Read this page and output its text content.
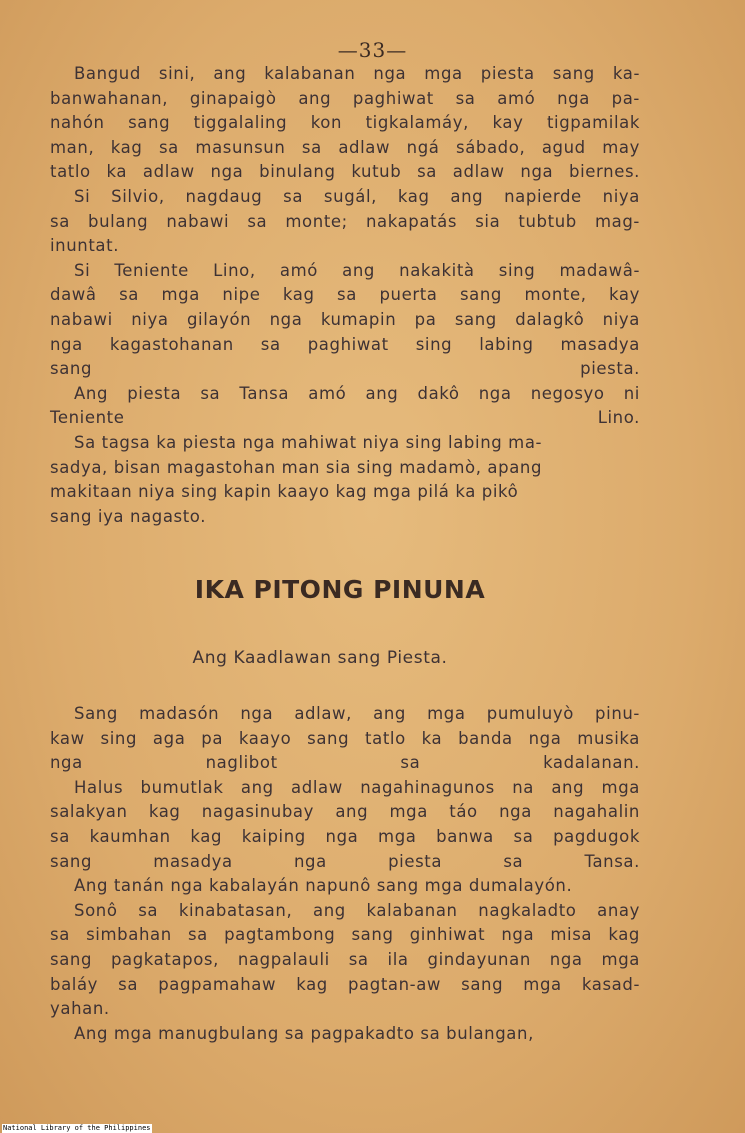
—33—

Bangud sini, ang kalabanan nga mga piesta sang ka‑
banwahanan, ginapaigò ang paghiwat sa amó nga pa‑
nahón sang tiggalaling kon tigkalamáy, kay tigpamilak
man, kag sa masunsun sa adlaw ngá sábado, agud may
tatlo ka adlaw nga binulang kutub sa adlaw nga biernes.

Si Silvio, nagdaug sa sugál, kag ang napierde niya
sa bulang nabawi sa monte; nakapatás sia tubtub mag‑
inuntat.

Si Teniente Lino, amó ang nakakità sing madawâ‑
dawâ sa mga nipe kag sa puerta sang monte, kay
nabawi niya gilayón nga kumapin pa sang dalagkô niya
nga kagastohanan sa paghiwat sing labing masadya
sang piesta.

Ang piesta sa Tansa amó ang dakô nga negosyo ni
Teniente Lino.

Sa tagsa ka piesta nga mahiwat niya sing labing ma‑
sadya, bisan magastohan man sia sing madamò, apang
makitaan niya sing kapin kaayo kag mga pilá ka pikô
sang iya nagasto.

IKA PITONG PINUNA
Ang Kaadlawan sang Piesta.

Sang madasón nga adlaw, ang mga pumuluyò pinu‑
kaw sing aga pa kaayo sang tatlo ka banda nga musika
nga naglibot sa kadalanan.

Halus bumutlak ang adlaw nagahinagunos na ang mga
salakyan kag nagasinubay ang mga táo nga nagahalin
sa kaumhan kag kaiping nga mga banwa sa pagdugok
sang masadya nga piesta sa Tansa.

Ang tanán nga kabalayán napunô sang mga dumalayón.

Sonô sa kinabatasan, ang kalabanan nagkaladto anay
sa simbahan sa pagtambong sang ginhiwat nga misa kag
sang pagkatapos, nagpalauli sa ila gindayunan nga mga
baláy sa pagpamahaw kag pagtan‑aw sang mga kasad‑
yahan.

Ang mga manugbulang sa pagpakadto sa bulangan,

National Library of the Philippines
